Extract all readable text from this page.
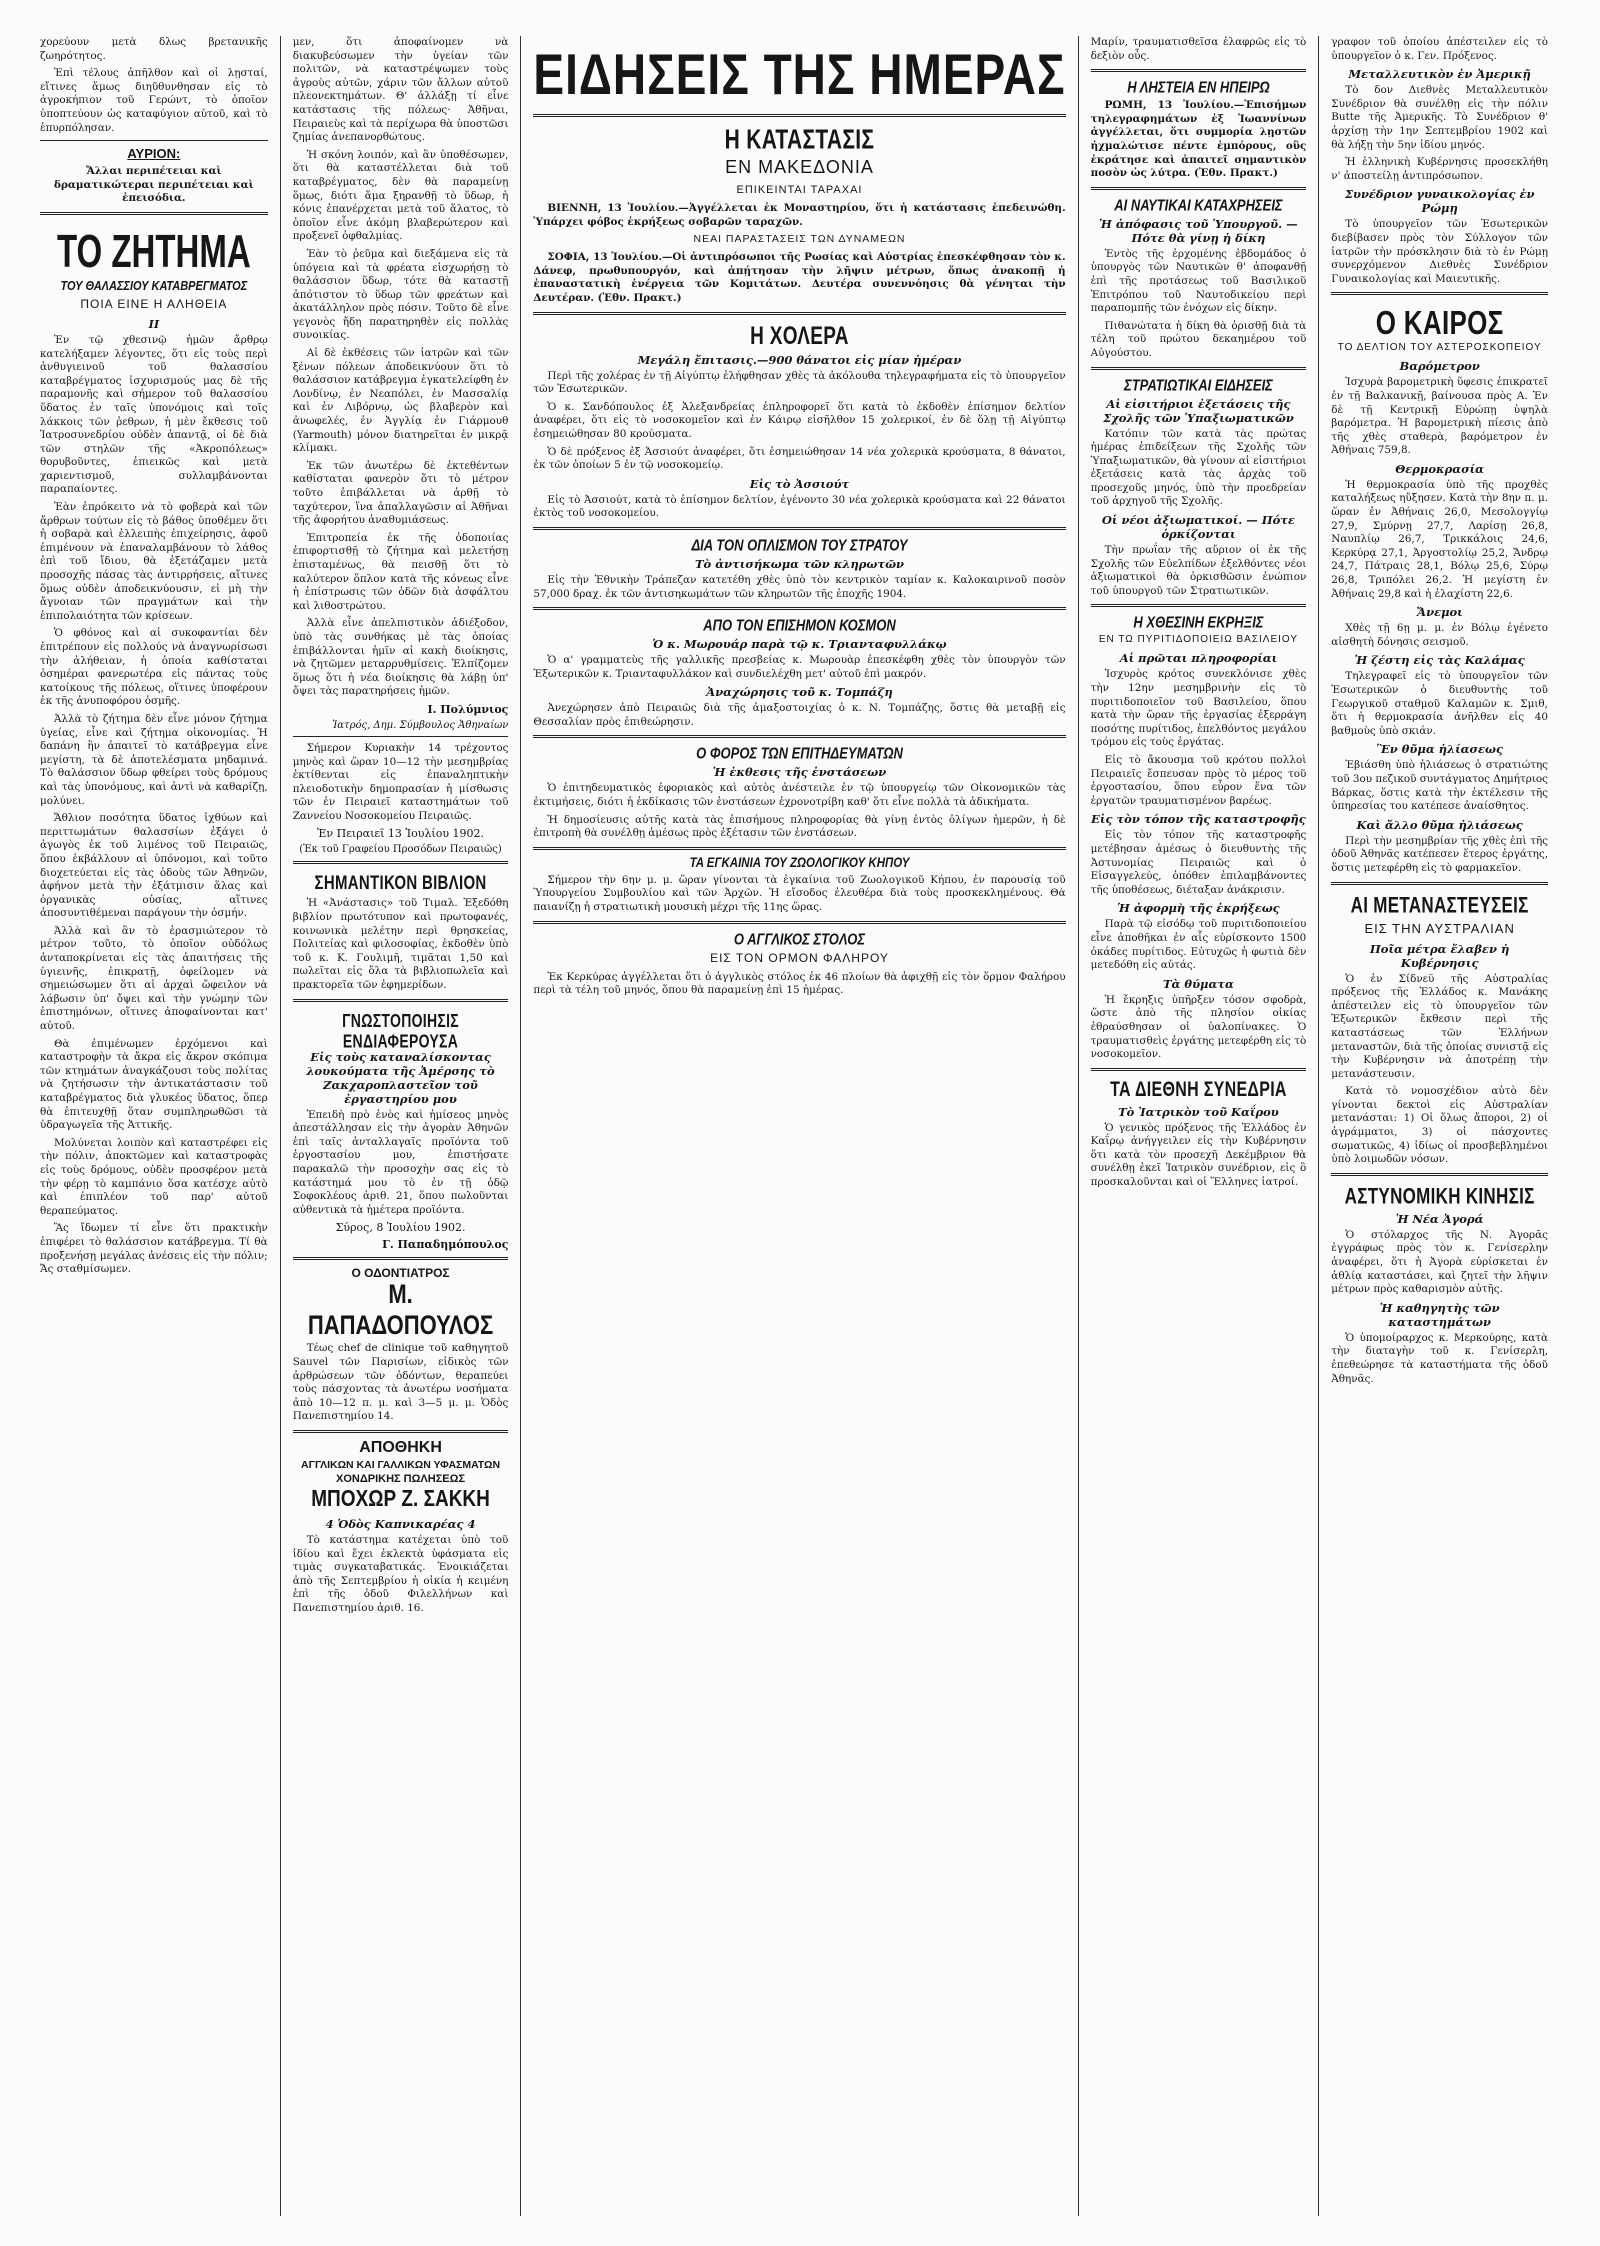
χορεύουν μετὰ δλως βρετανικῆς ζωηρότητος.

Ἐπὶ τέλους ἀπῆλθον καὶ οἱ λῃσταί, εἴτινες ἅμως διηῦθυνθησαν εἰς τὸ ἀγροκήπιον τοῦ Γερώντ, τὸ ὁποῖον ὑποπτεύουν ὡς καταφύγιον αὐτοῦ, καὶ τὸ ἐπυρπόλησαν.

ΑΥΡΙΟΝ:

Ἄλλαι περιπέτειαι καὶ δραματικώτεραι περιπέτειαι καὶ ἐπεισόδια.

ΤΟ ΖΗΤΗΜΑ
ΤΟΥ ΘΑΛΑΣΣΙΟΥ ΚΑΤΑΒΡΕΓΜΑΤΟΣ
ΠΟΙΑ ΕΙΝΕ Η ΑΛΗΘΕΙΑ
ΙΙ

Ἐν τῷ χθεσινῷ ἡμῶν ἄρθρῳ κατελήξαμεν λέγοντες, ὅτι εἰς τοὺς περὶ ἀνθυγιεινοῦ τοῦ θαλασσίου καταβρέγματος ἰσχυρισμούς μας δὲ τῆς παραμονῆς καὶ σήμερον τοῦ θαλασσίου ὕδατος ἐν ταῖς ὑπονόμοις καὶ τοῖς λάκκοις τῶν ῥεθρων, ἡ μὲν ἔκθεσις τοῦ Ἰατροσυνεδρίου οὐδὲν ἀπαντᾷ, οἱ δὲ διὰ τῶν στηλῶν τῆς «Ἀκροπόλεως» θορυβοῦντες, ἐπιεικῶς καὶ μετὰ χαριεντισμοῦ, συλλαμβάνονται παραπαίοντες.

Ἐὰν ἐπρόκειτο νὰ τὸ φοβερὰ καὶ τῶν ἄρθρων τούτων εἰς τὸ βάθος ὑποθέμεν ὅτι ἡ σοβαρὰ καὶ ἐλλειπὴς ἐπιχείρησις, ἀφοῦ ἐπιμένουν νὰ ἐπαναλαμβάνουν τὸ λάθος ἐπὶ τοῦ ἴδιου, θὰ ἐξετάζαμεν μετὰ προσοχῆς πάσας τὰς ἀντιρρήσεις, αἵτινες ὅμως οὐδὲν ἀποδεικνύουσιν, εἰ μὴ τὴν ἄγνοιαν τῶν πραγμάτων καὶ τὴν ἐπιπολαιότητα τῶν κρίσεων.

Ὁ φθόνος καὶ αἱ συκοφαντίαι δὲν ἐπιτρέπουν εἰς πολλούς νὰ ἀναγνωρίσωσι τὴν ἀλήθειαν, ἡ ὁποία καθίσταται ὁσημέραι φανερωτέρα εἰς πάντας τοὺς κατοίκους τῆς πόλεως, οἵτινες ὑποφέρουν ἐκ τῆς ἀνυποφόρου ὀσμῆς.

Ἀλλὰ τὸ ζήτημα δὲν εἶνε μόνον ζήτημα ὑγείας, εἶνε καὶ ζήτημα οἰκονομίας. Ἡ δαπάνη ἣν ἀπαιτεῖ τὸ κατάβρεγμα εἶνε μεγίστη, τὰ δὲ ἀποτελέσματα μηδαμινά. Τὸ θαλάσσιον ὕδωρ φθείρει τοὺς δρόμους καὶ τὰς ὑπονόμους, καὶ ἀντὶ νὰ καθαρίζῃ, μολύνει.

Ἄθλιον ποσότητα ὕδατος ἰχθύων καὶ περιττωμάτων θαλασσίων ἐξάγει ὁ ἀγωγὸς ἐκ τοῦ λιμένος τοῦ Πειραιῶς, ὅπου ἐκβάλλουν αἱ ὑπόνομοι, καὶ τοῦτο διοχετεύεται εἰς τὰς ὁδοὺς τῶν Ἀθηνῶν, ἀφήνον μετὰ τὴν ἐξάτμισιν ἅλας καὶ ὀργανικὰς οὐσίας, αἵτινες ἀποσυντιθέμεναι παράγουν τὴν ὀσμήν.

Ἀλλὰ καὶ ἂν τὸ ἐρασμιώτερον τὸ μέτρον τοῦτο, τὸ ὁποῖον οὐδόλως ἀνταποκρίνεται εἰς τὰς ἀπαιτήσεις τῆς ὑγιεινῆς, ἐπικρατῇ, ὀφείλομεν νὰ σημειώσωμεν ὅτι αἱ ἀρχαὶ ὤφειλον νὰ λάβωσιν ὑπ' ὄψει καὶ τὴν γνώμην τῶν ἐπιστημόνων, οἵτινες ἀποφαίνονται κατ' αὐτοῦ.

Θὰ ἐπιμένωμεν ἐρχόμενοι καὶ καταστροφὴν τὰ ἄκρα εἰς ἄκρον σκόπιμα τῶν κτημάτων ἀναγκάζουσι τοὺς πολίτας νὰ ζητήσωσιν τὴν ἀντικατάστασιν τοῦ καταβρέγματος διὰ γλυκέος ὕδατος, ὅπερ θὰ ἐπιτευχθῇ ὅταν συμπληρωθῶσι τὰ ὑδραγωγεῖα τῆς Ἀττικῆς.

Μολύνεται λοιπὸν καὶ καταστρέφει εἰς τὴν πόλιν, ἀποκτῶμεν καὶ καταστροφὰς εἰς τοὺς δρόμους, οὐδὲν προσφέρον μετὰ τὴν φέρῃ τὸ καμπάνιο ὅσα κατέσχε αὐτὸ καὶ ἐπιπλέον τοῦ παρ' αὐτοῦ θεραπεύματος.

Ἃς ἴδωμεν τί εἶνε ὅτι πρακτικὴν ἐπιφέρει τὸ θαλάσσιον κατάβρεγμα. Τί θὰ προξενήσῃ μεγάλας ἀνέσεις εἰς τὴν πόλιν; Ἄς σταθμίσωμεν.

μεν, ὅτι ἀποφαίνομεν νὰ διακυβεύσωμεν τὴν ὑγείαν τῶν πολιτῶν, νὰ καταστρέψωμεν τοὺς ἀγροὺς αὐτῶν, χάριν τῶν ἄλλων αὐτοῦ πλεονεκτημάτων. Θ' ἀλλάξῃ τί εἶνε κατάστασις τῆς πόλεως· Ἀθῆναι, Πειραιεὺς καὶ τὰ περίχωρα θὰ ὑποστῶσι ζημίας ἀνεπανορθώτους.

Ἡ σκόνη λοιπόν, καὶ ἂν ὑποθέσωμεν, ὅτι θὰ καταστέλλεται διὰ τοῦ καταβρέγματος, δὲν θὰ παραμείνῃ ὅμως, διότι ἅμα ξηρανθῇ τὸ ὕδωρ, ἡ κόνις ἐπανέρχεται μετὰ τοῦ ἅλατος, τὸ ὁποῖον εἶνε ἀκόμη βλαβερώτερον καὶ προξενεῖ ὀφθαλμίας.

Ἐὰν τὸ ῥεῦμα καὶ διεξάμενα εἰς τὰ ὑπόγεια καὶ τὰ φρέατα εἰσχωρήσῃ τὸ θαλάσσιον ὕδωρ, τότε θὰ καταστῇ ἀπότιστον τὸ ὕδωρ τῶν φρεάτων καὶ ἀκατάλληλον πρὸς πόσιν. Τοῦτο δὲ εἶνε γεγονὸς ἤδη παρατηρηθὲν εἰς πολλὰς συνοικίας.

Αἱ δὲ ἐκθέσεις τῶν ἰατρῶν καὶ τῶν ξένων πόλεων ἀποδεικνύουν ὅτι τὸ θαλάσσιον κατάβρεγμα ἐγκατελείφθη ἐν Λονδίνῳ, ἐν Νεαπόλει, ἐν Μασσαλίᾳ καὶ ἐν Λιβόρνῳ, ὡς βλαβερὸν καὶ ἀνωφελές, ἐν Ἀγγλίᾳ ἐν Γιάρμουθ (Yarmouth) μόνον διατηρεῖται ἐν μικρᾷ κλίμακι.

Ἐκ τῶν ἀνωτέρω δὲ ἐκτεθέντων καθίσταται φανερὸν ὅτι τὸ μέτρον τοῦτο ἐπιβάλλεται νὰ ἀρθῇ τὸ ταχύτερον, ἵνα ἀπαλλαγῶσιν αἱ Ἀθῆναι τῆς ἀφορήτου ἀναθυμιάσεως.

Ἐπιτροπεία ἐκ τῆς ὀδοποιίας ἐπιφορτισθῇ τὸ ζήτημα καὶ μελετήσῃ ἐπισταμένως, θὰ πεισθῇ ὅτι τὸ καλύτερον ὅπλον κατὰ τῆς κόνεως εἶνε ἡ ἐπίστρωσις τῶν ὁδῶν διὰ ἀσφάλτου καὶ λιθοστρώτου.

Ἀλλὰ εἶνε ἀπελπιστικὸν ἀδιέξοδον, ὑπὸ τὰς συνθήκας μὲ τὰς ὁποίας ἐπιβάλλονται ἡμῖν αἱ κακὴ διοίκησις, νὰ ζητῶμεν μεταρρυθμίσεις. Ἐλπίζομεν ὅμως ὅτι ἡ νέα διοίκησις θὰ λάβῃ ὑπ' ὄψει τὰς παρατηρήσεις ἡμῶν.

Ι. Πολύμνιος
Ἰατρός, Δημ. Σύμβουλος Ἀθηναίων

Σήμερον Κυριακὴν 14 τρέχοντος μηνὸς καὶ ὥραν 10—12 τὴν μεσημβρίας ἐκτίθενται εἰς ἐπαναληπτικὴν πλειοδοτικὴν δημοπρασίαν ἡ μίσθωσις τῶν ἐν Πειραιεῖ καταστημάτων τοῦ Ζαννείου Νοσοκομείου Πειραιῶς.

Ἐν Πειραιεῖ 13 Ἰουλίου 1902.
(Ἐκ τοῦ Γραφείου Προσόδων Πειραιῶς)
ΣΗΜΑΝΤΙΚΟΝ ΒΙΒΛΙΟΝ

Ἡ «Ἀνάστασις» τοῦ Τιμαλ. Ἐξεδόθη βιβλίον πρωτότυπον καὶ πρωτοφανές, κοινωνικὰ μελέτην περὶ θρησκείας, Πολιτείας καὶ φιλοσοφίας, ἐκδοθὲν ὑπὸ τοῦ κ. Κ. Γουλιμῆ, τιμᾶται 1,50 καὶ πωλεῖται εἰς ὅλα τὰ βιβλιοπωλεῖα καὶ πρακτορεῖα τῶν ἐφημερίδων.

ΓΝΩΣΤΟΠΟΙΗΣΙΣ ΕΝΔΙΑΦΕΡΟΥΣΑ
Εἰς τοὺς καταναλίσκοντας λουκούματα τῆς Ἀμέρσης τὸ Ζακχαροπλαστεῖον τοῦ ἐργαστηρίου μου

Ἐπειδὴ πρὸ ἑνὸς καὶ ἡμίσεος μηνὸς ἀπεστάλλησαν εἰς τὴν ἀγορὰν Ἀθηνῶν ἐπὶ ταῖς ἀνταλλαγαῖς προϊόντα τοῦ ἐργοστασίου μου, ἐπιστήσατε παρακαλῶ τὴν προσοχὴν σας εἰς τὸ κατάστημά μου τὸ ἐν τῇ ὁδῷ Σοφοκλέους ἀριθ. 21, ὅπου πωλοῦνται αὐθεντικὰ τὰ ἡμέτερα προϊόντα.

Σύρος, 8 Ἰουλίου 1902.
Γ. Παπαδημόπουλος
Ο ΟΔΟΝΤΙΑΤΡΟΣ
Μ. ΠΑΠΑΔΟΠΟΥΛΟΣ

Τέως chef de clinique τοῦ καθηγητοῦ Sauvel τῶν Παρισίων, εἰδικὸς τῶν ἀρθρώσεων τῶν ὀδόντων, θεραπεύει τοὺς πάσχοντας τὰ ἀνωτέρω νοσήματα ἀπὸ 10—12 π. μ. καὶ 3—5 μ. μ. Ὁδὸς Πανεπιστημίου 14.

ΑΠΟΘΗΚΗ
ΑΓΓΛΙΚΩΝ ΚΑΙ ΓΑΛΛΙΚΩΝ ΥΦΑΣΜΑΤΩΝ
ΧΟΝΔΡΙΚΗΣ ΠΩΛΗΣΕΩΣ
ΜΠΟΧΩΡ Ζ. ΣΑΚΚΗ
4 Ὁδὸς Καπνικαρέας 4

Τὸ κατάστημα κατέχεται ὑπὸ τοῦ ἰδίου καὶ ἔχει ἐκλεκτὰ ὑφάσματα εἰς τιμὰς συγκαταβατικάς. Ἑνοικιάζεται ἀπὸ τῆς Σεπτεμβρίου ἡ οἰκία ἡ κειμένη ἐπὶ τῆς ὁδοῦ Φιλελλήνων καὶ Πανεπιστημίου ἀριθ. 16.

ΕΙΔΗΣΕΙΣ ΤΗΣ ΗΜΕΡΑΣ
Η ΚΑΤΑΣΤΑΣΙΣ
ΕΝ ΜΑΚΕΔΟΝΙΑ
ΕΠΙΚΕΙΝΤΑΙ ΤΑΡΑΧΑΙ

ΒΙΕΝΝΗ, 13 Ἰουλίου.—Ἀγγέλλεται ἐκ Μοναστηρίου, ὅτι ἡ κατάστασις ἐπεδεινώθη. Ὑπάρχει φόβος ἐκρήξεως σοβαρῶν ταραχῶν.

ΝΕΑΙ ΠΑΡΑΣΤΑΣΕΙΣ ΤΩΝ ΔΥΝΑΜΕΩΝ

ΣΟΦΙΑ, 13 Ἰουλίου.—Οἱ ἀντιπρόσωποι τῆς Ρωσίας καὶ Αὐστρίας ἐπεσκέφθησαν τὸν κ. Δάνεφ, πρωθυπουργόν, καὶ ἀπῄτησαν τὴν λῆψιν μέτρων, ὅπως ἀνακοπῇ ἡ ἐπαναστατικὴ ἐνέργεια τῶν Κομιτάτων. Δευτέρα συνεννόησις θὰ γένηται τὴν Δευτέραν. (Ἐθν. Πρακτ.)

Η ΧΟΛΕΡΑ
Μεγάλη ἔπιτασις.—900 θάνατοι εἰς μίαν ἡμέραν

Περὶ τῆς χολέρας ἐν τῇ Αἰγύπτῳ ἐλήφθησαν χθὲς τὰ ἀκόλουθα τηλεγραφήματα εἰς τὸ ὑπουργεῖον τῶν Ἐσωτερικῶν.

Ὁ κ. Σανδόπουλος ἐξ Ἀλεξανδρείας ἐπληροφορεῖ ὅτι κατὰ τὸ ἐκδοθὲν ἐπίσημον δελτίον ἀναφέρει, ὅτι εἰς τὸ νοσοκομεῖον καὶ ἐν Κάιρῳ εἰσῆλθον 15 χολερικοί, ἐν δὲ ὅλῃ τῇ Αἰγύπτῳ ἐσημειώθησαν 80 κρούσματα.

Ὁ δὲ πρόξενος ἐξ Ἀσσιούτ ἀναφέρει, ὅτι ἐσημειώθησαν 14 νέα χολερικὰ κρούσματα, 8 θάνατοι, ἐκ τῶν ὁποίων 5 ἐν τῷ νοσοκομείῳ.

Εἰς τὸ Ἀσσιούτ

Εἰς τὸ Ἀσσιούτ, κατὰ τὸ ἐπίσημον δελτίον, ἐγένοντο 30 νέα χολερικὰ κρούσματα καὶ 22 θάνατοι ἐκτὸς τοῦ νοσοκομείου.

ΔΙΑ ΤΟΝ ΟΠΛΙΣΜΟΝ ΤΟΥ ΣΤΡΑΤΟΥ
Τὸ ἀντισήκωμα τῶν κληρωτῶν

Εἰς τὴν Ἐθνικὴν Τράπεζαν κατετέθη χθὲς ὑπὸ τὸν κεντρικὸν ταμίαν κ. Καλοκαιρινοῦ ποσὸν 57,000 δραχ. ἐκ τῶν ἀντισηκωμάτων τῶν κληρωτῶν τῆς ἐποχῆς 1904.

ΑΠΟ ΤΟΝ ΕΠΙΣΗΜΟΝ ΚΟΣΜΟΝ
Ὁ κ. Μωρουάρ παρὰ τῷ κ. Τριανταφυλλάκῳ

Ὁ α' γραμματεὺς τῆς γαλλικῆς πρεσβείας κ. Μωρουὰρ ἐπεσκέφθη χθὲς τὸν ὑπουργὸν τῶν Ἐξωτερικῶν κ. Τριανταφυλλάκον καὶ συνδιελέχθη μετ' αὐτοῦ ἐπὶ μακρόν.

Ἀναχώρησις τοῦ κ. Τομπάζη

Ἀνεχώρησεν ἀπὸ Πειραιῶς διὰ τῆς ἀμαξοστοιχίας ὁ κ. Ν. Τομπάζης, ὅστις θὰ μεταβῇ εἰς Θεσσαλίαν πρὸς ἐπιθεώρησιν.

Ο ΦΟΡΟΣ ΤΩΝ ΕΠΙΤΗΔΕΥΜΑΤΩΝ
Ἡ ἐκθεσις τῆς ἐνστάσεων

Ὁ ἐπιτηδευματικὸς ἐφοριακὸς καὶ αὐτὸς ἀνέστειλε ἐν τῷ ὑπουργείῳ τῶν Οἰκονομικῶν τὰς ἐκτιμήσεις, διότι ἡ ἐκδίκασις τῶν ἐνστάσεων ἐχρονοτρίβη καθ' ὅτι εἶνε πολλὰ τὰ ἀδικήματα.

Ἡ δημοσίευσις αὐτῆς κατὰ τὰς ἐπισήμους πληροφορίας θὰ γίνῃ ἐντὸς ὀλίγων ἡμερῶν, ἡ δὲ ἐπιτροπὴ θὰ συνέλθῃ ἀμέσως πρὸς ἐξέτασιν τῶν ἐνστάσεων.

ΤΑ ΕΓΚΑΙΝΙΑ ΤΟΥ ΖΩΟΛΟΓΙΚΟΥ ΚΗΠΟΥ

Σήμερον τὴν 6ην μ. μ. ὥραν γίνονται τὰ ἐγκαίνια τοῦ Ζωολογικοῦ Κήπου, ἐν παρουσίᾳ τοῦ Ὑπουργείου Συμβουλίου καὶ τῶν Ἀρχῶν. Ἡ εἴσοδος ἐλευθέρα διὰ τοὺς προσκεκλημένους. Θὰ παιανίζῃ ἡ στρατιωτικὴ μουσικὴ μέχρι τῆς 11ης ὥρας.

Ο ΑΓΓΛΙΚΟΣ ΣΤΟΛΟΣ
ΕΙΣ ΤΟΝ ΟΡΜΟΝ ΦΑΛΗΡΟΥ

Ἐκ Κερκύρας ἀγγέλλεται ὅτι ὁ ἀγγλικὸς στόλος ἐκ 46 πλοίων θὰ ἀφιχθῇ εἰς τὸν ὅρμον Φαλήρου περὶ τὰ τέλη τοῦ μηνός, ὅπου θὰ παραμείνῃ ἐπὶ 15 ἡμέρας.

Μαρίν, τραυματισθεῖσα ἐλαφρῶς εἰς τὸ δεξιὸν οὖς.

Η ΛΗΣΤΕΙΑ ΕΝ ΗΠΕΙΡΩ

ΡΩΜΗ, 13 Ἰουλίου.—Ἐπισήμων τηλεγραφημάτων ἐξ Ἰωαννίνων ἀγγέλλεται, ὅτι συμμορία λῃστῶν ἠχμαλώτισε πέντε ἐμπόρους, οὓς ἐκράτησε καὶ ἀπαιτεῖ σημαντικὸν ποσὸν ὡς λύτρα. (Ἐθν. Πρακτ.)

ΑΙ ΝΑΥΤΙΚΑΙ ΚΑΤΑΧΡΗΣΕΙΣ
Ἡ ἀπόφασις τοῦ Ὑπουργοῦ. — Πότε θὰ γίνῃ ἡ δίκη

Ἐντὸς τῆς ἐρχομένης ἑβδομάδος ὁ ὑπουργὸς τῶν Ναυτικῶν θ' ἀποφανθῇ ἐπὶ τῆς προτάσεως τοῦ Βασιλικοῦ Ἐπιτρόπου τοῦ Ναυτοδικείου περὶ παραπομπῆς τῶν ἐνόχων εἰς δίκην.

Πιθανώτατα ἡ δίκη θὰ ὁρισθῇ διὰ τὰ τέλη τοῦ πρώτου δεκαημέρου τοῦ Αὐγούστου.

ΣΤΡΑΤΙΩΤΙΚΑΙ ΕΙΔΗΣΕΙΣ
Αἱ εἰσιτήριοι ἐξετάσεις τῆς Σχολῆς τῶν Ὑπαξιωματικῶν

Κατόπιν τῶν κατὰ τὰς πρώτας ἡμέρας ἐπιδείξεων τῆς Σχολῆς τῶν Ὑπαξιωματικῶν, θὰ γίνουν αἱ εἰσιτήριοι ἐξετάσεις κατὰ τὰς ἀρχὰς τοῦ προσεχοῦς μηνός, ὑπὸ τὴν προεδρείαν τοῦ ἀρχηγοῦ τῆς Σχολῆς.

Οἱ νέοι ἀξιωματικοί. — Πότε ὁρκίζονται

Τὴν πρωΐαν τῆς αὔριον οἱ ἐκ τῆς Σχολῆς τῶν Εὐελπίδων ἐξελθόντες νέοι ἀξιωματικοὶ θὰ ὁρκισθῶσιν ἐνώπιον τοῦ ὑπουργοῦ τῶν Στρατιωτικῶν.

Η ΧΘΕΣΙΝΗ ΕΚΡΗΞΙΣ
ΕΝ ΤΩ ΠΥΡΙΤΙΔΟΠΟΙΕΙΩ ΒΑΣΙΛΕΙΟΥ
Αἱ πρῶται πληροφορίαι

Ἰσχυρὸς κρότος συνεκλόνισε χθὲς τὴν 12ην μεσημβρινὴν εἰς τὸ πυριτιδοποιεῖον τοῦ Βασιλείου, ὅπου κατὰ τὴν ὥραν τῆς ἐργασίας ἐξερράγη ποσότης πυρίτιδος, ἐπελθόντος μεγάλου τρόμου εἰς τοὺς ἐργάτας.

Εἰς τὸ ἄκουσμα τοῦ κρότου πολλοὶ Πειραιεῖς ἔσπευσαν πρὸς τὸ μέρος τοῦ ἐργοστασίου, ὅπου εὗρον ἕνα τῶν ἐργατῶν τραυματισμένον βαρέως.

Εἰς τὸν τόπον τῆς καταστροφῆς

Εἰς τὸν τόπον τῆς καταστροφῆς μετέβησαν ἀμέσως ὁ διευθυντὴς τῆς Ἀστυνομίας Πειραιῶς καὶ ὁ Εἰσαγγελεύς, ὁπόθεν ἐπιλαμβάνοντες τῆς ὑποθέσεως, διέταξαν ἀνάκρισιν.

Ἡ ἀφορμὴ τῆς ἐκρήξεως

Παρὰ τῷ εἰσόδῳ τοῦ πυριτιδοποιείου εἶνε ἀποθῆκαι ἐν αἷς εὑρίσκοντο 1500 ὀκάδες πυρίτιδος. Εὐτυχῶς ἡ φωτιὰ δὲν μετεδόθη εἰς αὐτάς.

Τὰ θύματα

Ἡ ἔκρηξις ὑπῆρξεν τόσον σφοδρὰ, ὥστε ἀπὸ τῆς πλησίον οἰκίας ἐθραύσθησαν οἱ ὑαλοπίνακες. Ὁ τραυματισθεὶς ἐργάτης μετεφέρθη εἰς τὸ νοσοκομεῖον.

ΤΑ ΔΙΕΘΝΗ ΣΥΝΕΔΡΙΑ
Τὸ Ἰατρικὸν τοῦ Καΐρου

Ὁ γενικὸς πρόξενος τῆς Ἑλλάδος ἐν Καΐρῳ ἀνήγγειλεν εἰς τὴν Κυβέρνησιν ὅτι κατὰ τὸν προσεχῆ Δεκέμβριον θὰ συνέλθῃ ἐκεῖ Ἰατρικὸν συνέδριον, εἰς ὃ προσκαλοῦνται καὶ οἱ Ἕλληνες ἰατροί.

γραφον τοῦ ὁποίου ἀπέστειλεν εἰς τὸ ὑπουργεῖον ὁ κ. Γεν. Πρόξενος.

Μεταλλευτικὸν ἐν Ἀμερικῇ

Τὸ δον Διεθνὲς Μεταλλευτικὸν Συνέδριον θὰ συνέλθῃ εἰς τὴν πόλιν Butte τῆς Ἀμερικῆς. Τὸ Συνέδριον θ' ἀρχίσῃ τὴν 1ην Σεπτεμβρίου 1902 καὶ θὰ λήξῃ τὴν 5ην ἰδίου μηνός.

Ἡ ἑλληνικὴ Κυβέρνησις προσεκλήθη ν' ἀποστείλῃ ἀντιπρόσωπον.

Συνέδριον γυναικολογίας ἐν Ρώμῃ

Τὸ ὑπουργεῖον τῶν Ἐσωτερικῶν διεβίβασεν πρὸς τὸν Σύλλογον τῶν ἰατρῶν τὴν πρόσκλησιν διὰ τὸ ἐν Ρώμῃ συνερχόμενον Διεθνὲς Συνέδριον Γυναικολογίας καὶ Μαιευτικῆς.

Ο ΚΑΙΡΟΣ
ΤΟ ΔΕΛΤΙΟΝ ΤΟΥ ΑΣΤΕΡΟΣΚΟΠΕΙΟΥ
Βαρόμετρον

Ἰσχυρὰ βαρομετρικὴ ὕφεσις ἐπικρατεῖ ἐν τῇ Βαλκανικῇ, βαίνουσα πρὸς Α. Ἐν δὲ τῇ Κεντρικῇ Εὐρώπῃ ὑψηλὰ βαρόμετρα. Ἡ βαρομετρικὴ πίεσις ἀπὸ τῆς χθὲς σταθερὰ, βαρόμετρον ἐν Ἀθήναις 759,8.

Θερμοκρασία

Ἡ θερμοκρασία ὑπὸ τῆς προχθὲς καταλήξεως ηὔξησεν. Κατὰ τὴν 8ην π. μ. ὥραν ἐν Ἀθήναις 26,0, Μεσολογγίῳ 27,9, Σμύρνῃ 27,7, Λαρίσῃ 26,8, Ναυπλίῳ 26,7, Τρικκάλοις 24,6, Κερκύρᾳ 27,1, Ἀργοστολίῳ 25,2, Ἄνδρῳ 24,7, Πάτραις 28,1, Βόλῳ 25,6, Σύρῳ 26,8, Τριπόλει 26,2. Ἡ μεγίστη ἐν Ἀθήναις 29,8 καὶ ἡ ἐλαχίστη 22,6.

Ἄνεμοι

Χθὲς τῇ 6ῃ μ. μ. ἐν Βόλῳ ἐγένετο αἰσθητὴ δόνησις σεισμοῦ.

Ἡ ζέστη εἰς τὰς Καλάμας

Τηλεγραφεῖ εἰς τὸ ὑπουργεῖον τῶν Ἐσωτερικῶν ὁ διευθυντὴς τοῦ Γεωργικοῦ σταθμοῦ Καλαμῶν κ. Σμιθ, ὅτι ἡ θερμοκρασία ἀνῆλθεν εἰς 40 βαθμοὺς ὑπὸ σκιάν.

Ἓν θῦμα ἡλίασεως

Ἐβιάσθη ὑπὸ ἡλιάσεως ὁ στρατιώτης τοῦ 3ου πεζικοῦ συντάγματος Δημήτριος Βάρκας, ὅστις κατὰ τὴν ἐκτέλεσιν τῆς ὑπηρεσίας του κατέπεσε ἀναίσθητος.

Καὶ ἄλλο θῦμα ἡλιάσεως

Περὶ τὴν μεσημβρίαν τῆς χθὲς ἐπὶ τῆς ὁδοῦ Ἀθηνᾶς κατέπεσεν ἕτερος ἐργάτης, ὅστις μετεφέρθη εἰς τὸ φαρμακεῖον.

ΑΙ ΜΕΤΑΝΑΣΤΕΥΣΕΙΣ
ΕΙΣ ΤΗΝ ΑΥΣΤΡΑΛΙΑΝ
Ποῖα μέτρα ἔλαβεν ἡ Κυβέρνησις

Ὁ ἐν Σίδνεϋ τῆς Αὐστραλίας πρόξενος τῆς Ἑλλάδος κ. Μανάκης ἀπέστειλεν εἰς τὸ ὑπουργεῖον τῶν Ἐξωτερικῶν ἔκθεσιν περὶ τῆς καταστάσεως τῶν Ἑλλήνων μεταναστῶν, διὰ τῆς ὁποίας συνιστᾷ εἰς τὴν Κυβέρνησιν νὰ ἀποτρέπῃ τὴν μετανάστευσιν.

Κατὰ τὸ νομοσχέδιον αὐτὸ δὲν γίνονται δεκτοὶ εἰς Αὐστραλίαν μετανάσται: 1) Οἱ ὅλως ἄποροι, 2) οἱ ἀγράμματοι, 3) οἱ πάσχοντες σωματικῶς, 4) ἰδίως οἱ προσβεβλημένοι ὑπὸ λοιμωδῶν νόσων.

ΑΣΤΥΝΟΜΙΚΗ ΚΙΝΗΣΙΣ
Ἡ Νέα Ἀγορά

Ὁ στόλαρχος τῆς Ν. Ἀγορᾶς ἐγγράφως πρὸς τὸν κ. Γενίσερλην ἀναφέρει, ὅτι ἡ Ἀγορὰ εὑρίσκεται ἐν ἀθλίᾳ καταστάσει, καὶ ζητεῖ τὴν λῆψιν μέτρων πρὸς καθαρισμὸν αὐτῆς.

Ἡ καθηγητὴς τῶν καταστημάτων

Ὁ ὑπομοίραρχος κ. Μερκούρης, κατὰ τὴν διαταγὴν τοῦ κ. Γενίσερλη, ἐπεθεώρησε τὰ καταστήματα τῆς ὁδοῦ Ἀθηνᾶς.
